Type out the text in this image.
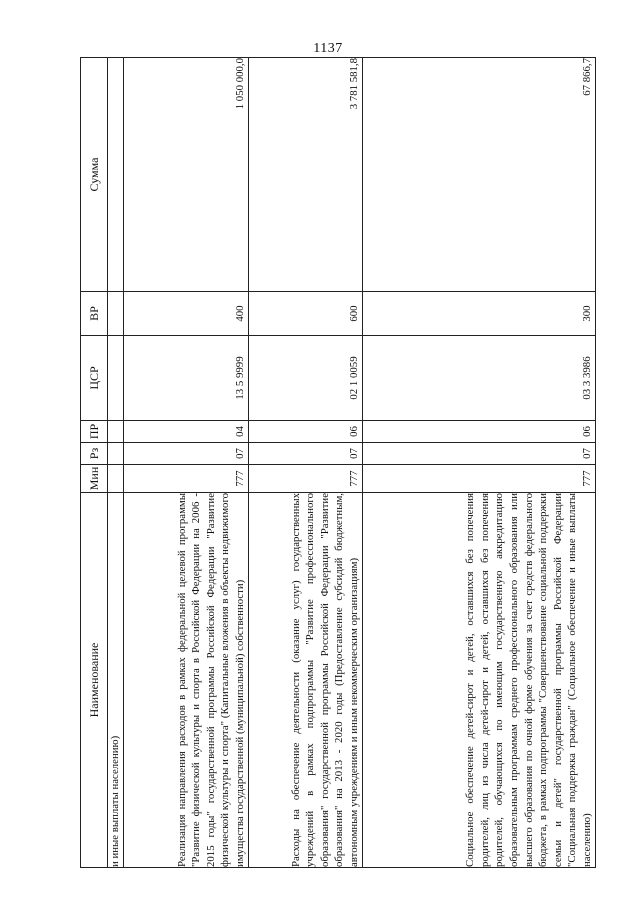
1137
Наименование	Мин	Рз	ПР	ЦСР	ВР	Сумма
и иные выплаты населению)						
Реализация направления расходов в рамках федеральной целевой программы "Развитие физической культуры и спорта в Российской Федерации на 2006 - 2015 годы" государственной программы Российской Федерации "Развитие физической культуры и спорта" (Капитальные вложения в объекты недвижимого имущества государственной (муниципальной) собственности)	777	07	04	13 5 9999	400	1 050 000,0
Расходы на обеспечение деятельности (оказание услуг) государственных учреждений в рамках подпрограммы "Развитие профессионального образования" государственной программы Российской Федерации "Развитие образования" на 2013 - 2020 годы (Предоставление субсидий бюджетным, автономным учреждениям и иным некоммерческим организациям)	777	07	06	02 1 0059	600	3 781 581,8
Социальное обеспечение детей-сирот и детей, оставшихся без попечения родителей, лиц из числа детей-сирот и детей, оставшихся без попечения родителей, обучающихся по имеющим государственную аккредитацию образовательным программам среднего профессионального образования или высшего образования по очной форме обучения за счет средств федерального бюджета, в рамках подпрограммы "Совершенствование социальной поддержки семьи и детей" государственной программы Российской Федерации "Социальная поддержка граждан" (Социальное обеспечение и иные выплаты населению)	777	07	06	03 3 3986	300	67 866,7
